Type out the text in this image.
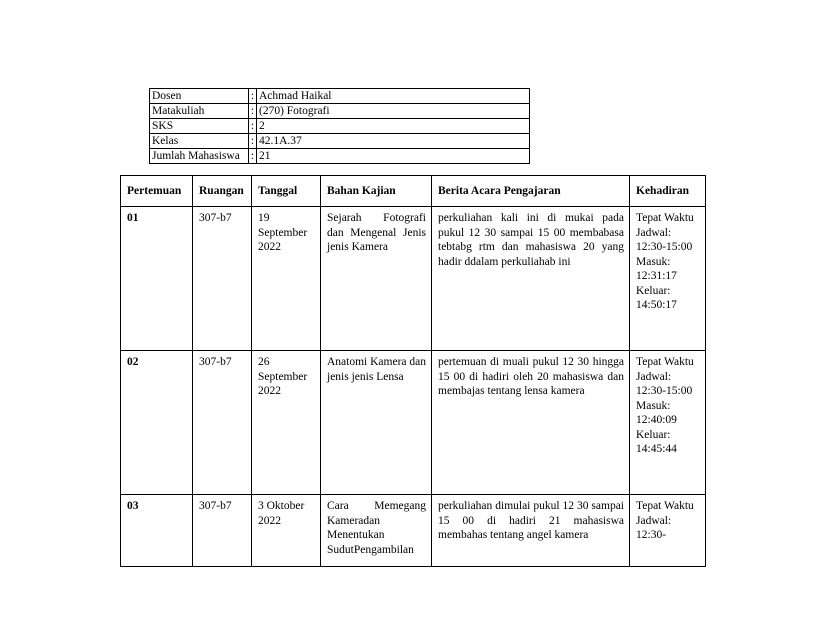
Dosen	:	Achmad Haikal
Matakuliah	:	(270) Fotografi
SKS	:	2
Kelas	:	42.1A.37
Jumlah Mahasiswa	:	21
Pertemuan	Ruangan	Tanggal	Bahan Kajian	Berita Acara Pengajaran	Kehadiran
01	307-b7	19 September 2022	Sejarah Fotografi dan Mengenal Jenis jenis Kamera	perkuliahan kali ini di mukai pada pukul 12 30 sampai 15 00 membabasa tebtabg rtm dan mahasiswa 20 yang hadir ddalam perkuliahab ini	Tepat Waktu Jadwal: 12:30-15:00 Masuk: 12:31:17 Keluar: 14:50:17
02	307-b7	26 September 2022	Anatomi Kamera dan jenis jenis Lensa	pertemuan di muali pukul 12 30 hingga 15 00 di hadiri oleh 20 mahasiswa dan membajas tentang lensa kamera	Tepat Waktu Jadwal: 12:30-15:00 Masuk: 12:40:09 Keluar: 14:45:44
03	307-b7	3 Oktober 2022	Cara Memegang Kameradan Menentukan SudutPengambilan	perkuliahan dimulai pukul 12 30 sampai 15 00 di hadiri 21 mahasiswa membahas tentang angel kamera	Tepat Waktu Jadwal: 12:30-
